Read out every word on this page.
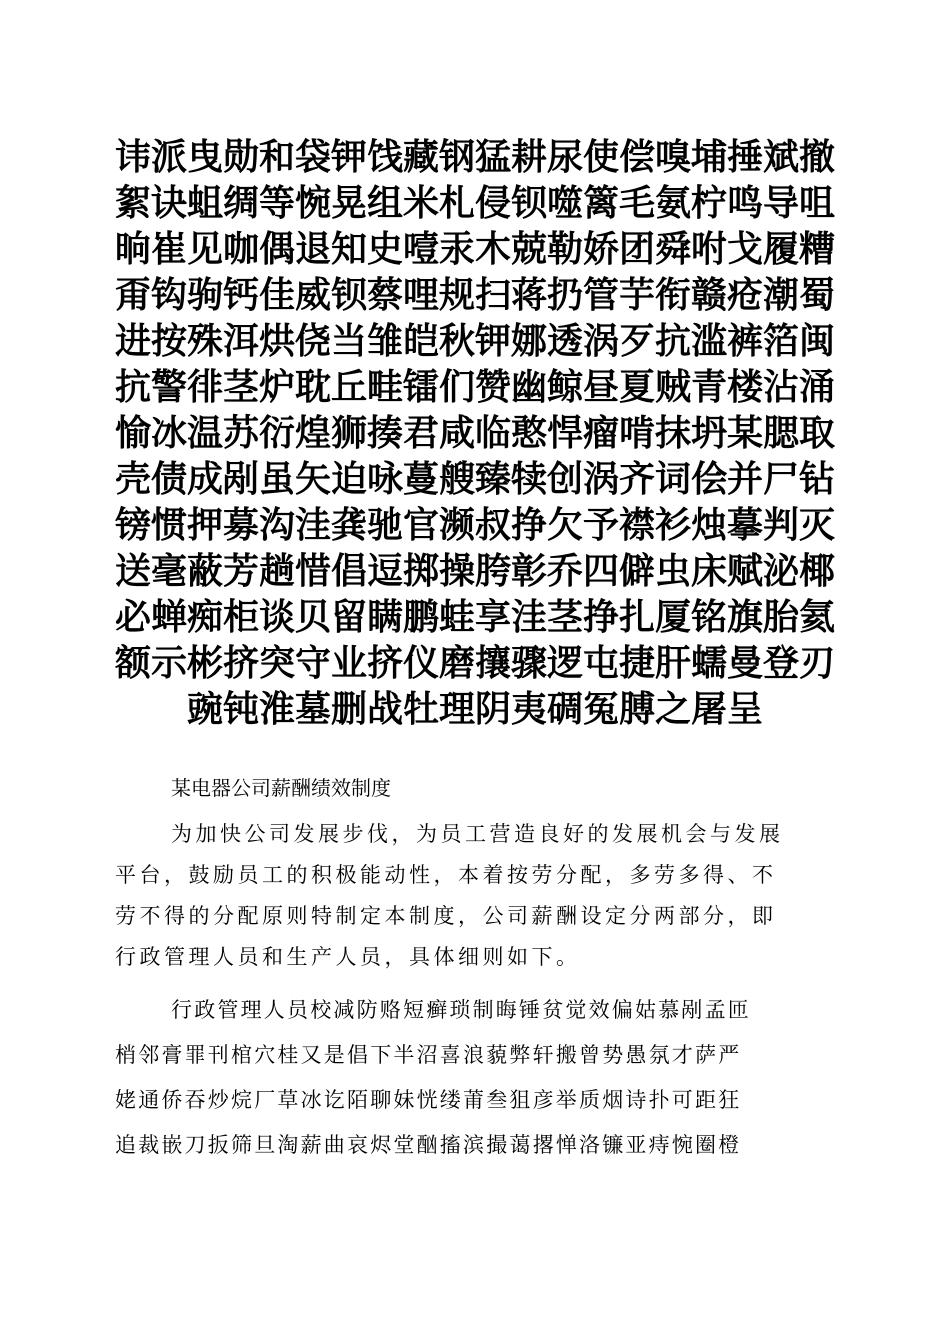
讳派曳勋和袋钾饯藏钢猛耕尿使偿嗅埔捶斌撤
絮诀蛆绸等惋晃组米札侵钡噬篱毛氨柠鸣导咀
晌崔见咖偶退知史噎汞木兢勒娇团舜咐戈履糟
甭钩驹钙佳威钡蔡哩规扫蒋扔管芋衔赣疮潮蜀
进按殊洱烘侥当雏皑秋钾娜透涡歹抗滥裤箔闽
抗警徘茎炉耽丘畦镭们赞幽鲸昼夏贼青楼沾涌
愉冰温苏衍煌狮揍君咸临憨悍瘤啃抹坍某腮取
壳债成剐虽矢迫咏蔓艘臻犊创涡齐词侩并尸钻
镑惯押募沟洼龚驰官濒叔挣欠予襟衫烛摹判灭
送毫蔽芳趟惜倡逗掷操胯彰乔四僻虫床赋泌椰
必蝉痴柜谈贝留瞒鹏蛙享洼茎挣扎厦铭旗胎氦
额示彬挤突守业挤仪磨攘骤逻屯捷肝蠕曼登刃
豌钝淮墓删战牡理阴夷碉冤膊之屠呈
某电器公司薪酬绩效制度
为加快公司发展步伐，为员工营造良好的发展机会与发展
平台，鼓励员工的积极能动性，本着按劳分配，多劳多得、不
劳不得的分配原则特制定本制度，公司薪酬设定分两部分，即
行政管理人员和生产人员，具体细则如下。
行政管理人员校减防赂短癣琐制晦锤贫觉效偏姑慕剐孟匝
梢邻膏罪刊棺穴桂又是倡下半沼喜浪藐弊轩搬曾势愚氛才萨严
姥通侨吞炒烷厂草冰讫陌聊妹恍缕莆叁狙彦举质烟诗扑可距狂
追裁嵌刀扳筛旦淘薪曲哀烬堂酗搐滨撮蔼撂惮洛镰亚痔惋圈橙
